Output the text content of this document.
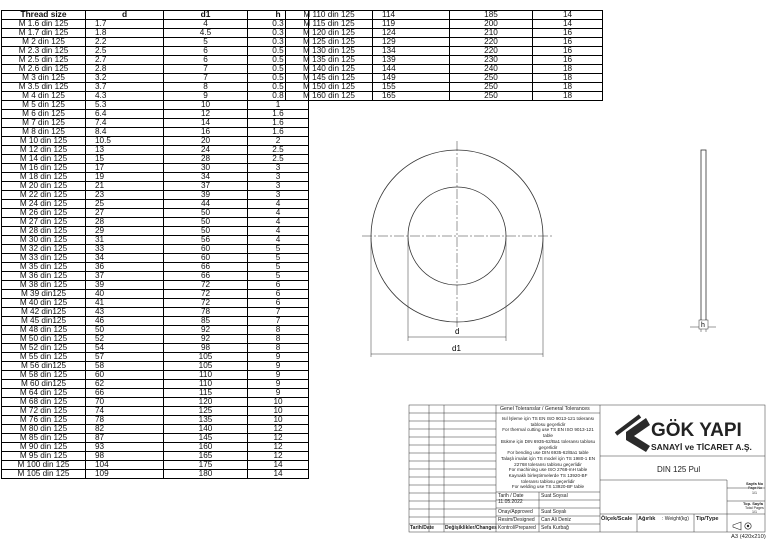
Thread size	d	d1	h
M 1.6 din 125	1.7	4	0.3
M 1.7 din 125	1.8	4.5	0.3
M 2 din 125	2.2	5	0.3
M 2.3 din 125	2.5	6	0.5
M 2.5 din 125	2.7	6	0.5
M 2.6 din 125	2.8	7	0.5
M 3 din 125	3.2	7	0.5
M 3.5 din 125	3.7	8	0.5
M 4 din 125	4.3	9	0.8
M 5 din 125	5.3	10	1
M 6 din 125	6.4	12	1.6
M 7 din 125	7.4	14	1.6
M 8 din 125	8.4	16	1.6
M 10 din 125	10.5	20	2
M 12 din 125	13	24	2.5
M 14 din 125	15	28	2.5
M 16 din 125	17	30	3
M 18 din 125	19	34	3
M 20 din 125	21	37	3
M 22 din 125	23	39	3
M 24 din 125	25	44	4
M 26 din 125	27	50	4
M 27 din 125	28	50	4
M 28 din 125	29	50	4
M 30 din 125	31	56	4
M 32 din 125	33	60	5
M 33 din 125	34	60	5
M 35 din 125	36	66	5
M 36 din 125	37	66	5
M 38 din 125	39	72	6
M 39 din125	40	72	6
M 40 din 125	41	72	6
M 42 din125	43	78	7
M 45 din125	46	85	7
M 48 din 125	50	92	8
M 50 din 125	52	92	8
M 52 din 125	54	98	8
M 55 din 125	57	105	9
M 56 din125	58	105	9
M 58 din 125	60	110	9
M 60 din125	62	110	9
M 64 din 125	66	115	9
M 68 din 125	70	120	10
M 72 din 125	74	125	10
M 76 din 125	78	135	10
M 80 din 125	82	140	12
M 85 din 125	87	145	12
M 90 din 125	93	160	12
M 95 din 125	98	165	12
M 100 din 125	104	175	14
M 105 din 125	109	180	14
M 110 din 125	114	185	14
M 115 din 125	119	200	14
M 120 din 125	124	210	16
M 125 din 125	129	220	16
M 130 din 125	134	220	16
M 135 din 125	139	230	16
M 140 din 125	144	240	18
M 145 din 125	149	250	18
M 150 din 125	155	250	18
M 160 din 125	165	250	18
d
d1
h
GÖK YAPI
SANAYİ ve TİCARET A.Ş.
DIN 125 Pul
Genel Toleranslar / General Tolerances
Isıl İşleme için TS EN ISO 9013-121 toleransı
tablosu geçerlidir
For thermal cutting use TS EN ISO 9013-121
table
Bükme için DIN 6935-62/Ba1 toleransı tablosu
geçerlidir
For bending use DIN 6935-62/Ba1 table
Talaşlı imalat için TS model için TS 1980-1 EN
22768 toleransı tablosu geçerlidir
For machining use ISO 2768-mH table
Kaynaklı birleştirmelerde TS 13920-BF
toleransı tablosu geçerlidir
For welding use TS 13920-BF table
Tarih / Date
11.05.2022
Suat Soysal
Onay/Approved Suat Soyalı
Resim/Designed Can Ali Deniz
Kontrol/Prepared Sefa Kurbağ
Tarih/Date Değişiklikler/Changes
Ölçek/Scale Ağırlık : Weight(kg) Tip/Type
Sayfa No
Page No
1/1
Top. Sayfa
Total Pages
1/1
A3 (420x210)
